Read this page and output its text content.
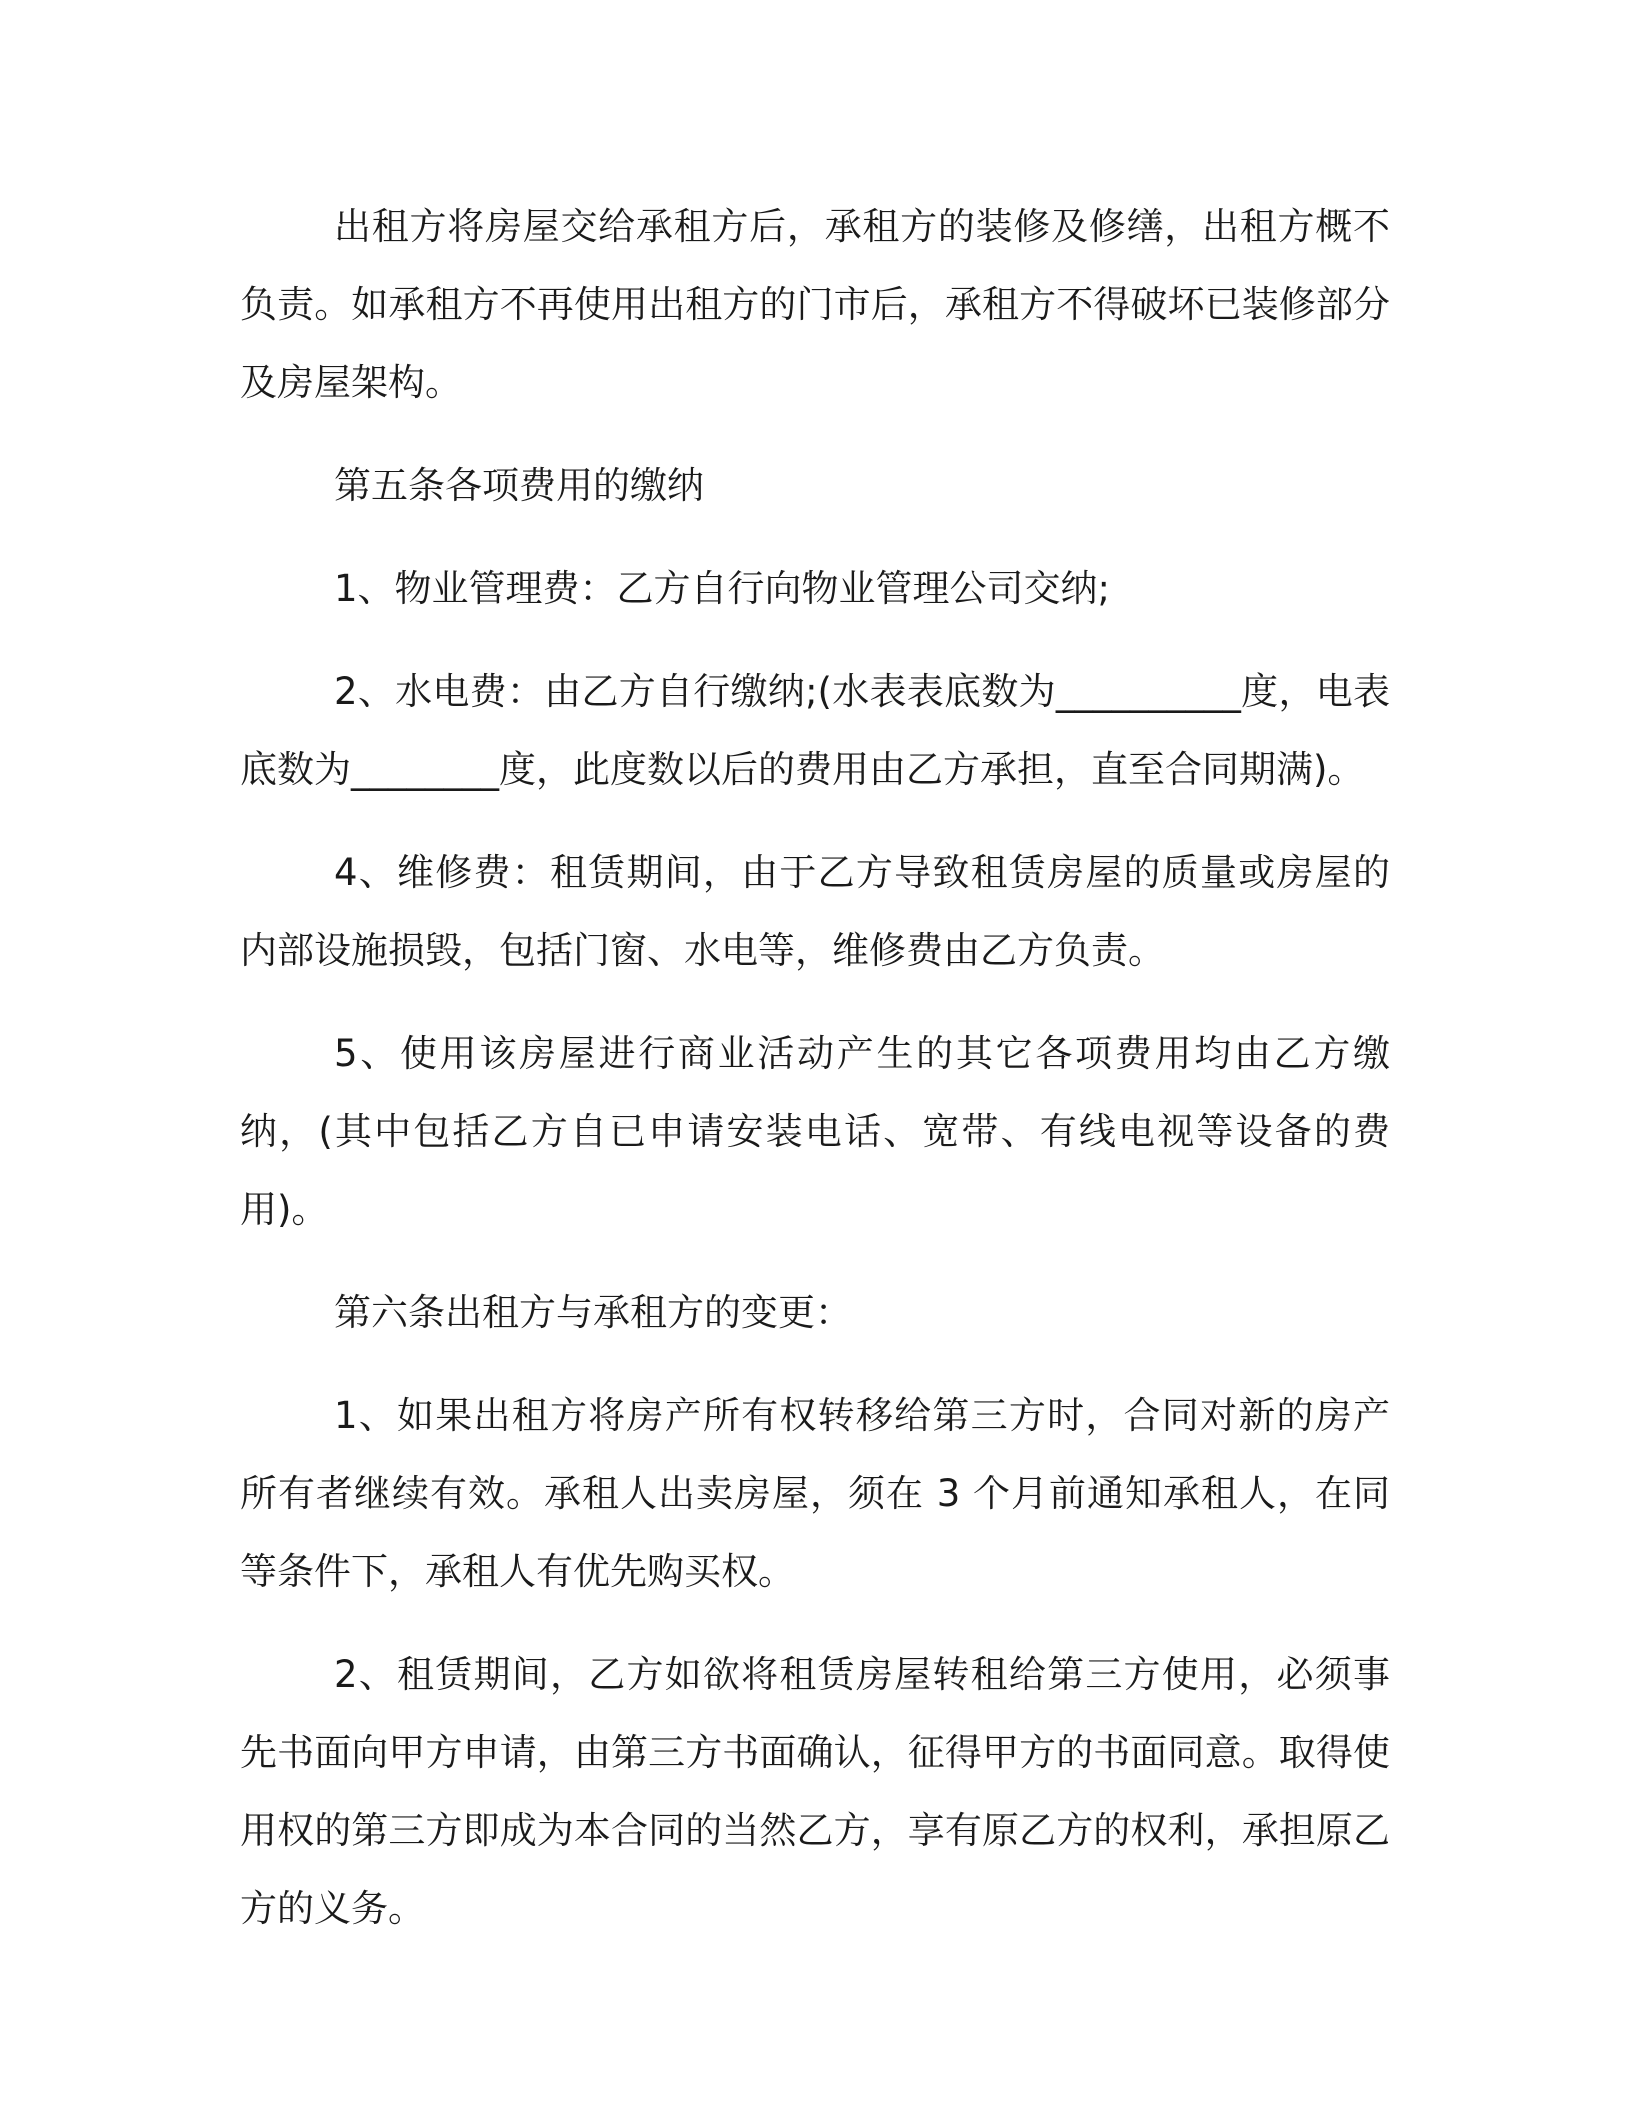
出租方将房屋交给承租方后，承租方的装修及修缮，出租方概不负责。如承租方不再使用出租方的门市后，承租方不得破坏已装修部分及房屋架构。

第五条各项费用的缴纳

1、物业管理费：乙方自行向物业管理公司交纳;

2、水电费：由乙方自行缴纳;(水表表底数为__________度，电表底数为________度，此度数以后的费用由乙方承担，直至合同期满)。

4、维修费：租赁期间，由于乙方导致租赁房屋的质量或房屋的内部设施损毁，包括门窗、水电等，维修费由乙方负责。

5、使用该房屋进行商业活动产生的其它各项费用均由乙方缴纳，(其中包括乙方自已申请安装电话、宽带、有线电视等设备的费用)。

第六条出租方与承租方的变更：

1、如果出租方将房产所有权转移给第三方时，合同对新的房产所有者继续有效。承租人出卖房屋，须在 3 个月前通知承租人，在同等条件下，承租人有优先购买权。

2、租赁期间，乙方如欲将租赁房屋转租给第三方使用，必须事先书面向甲方申请，由第三方书面确认，征得甲方的书面同意。取得使用权的第三方即成为本合同的当然乙方，享有原乙方的权利，承担原乙方的义务。
